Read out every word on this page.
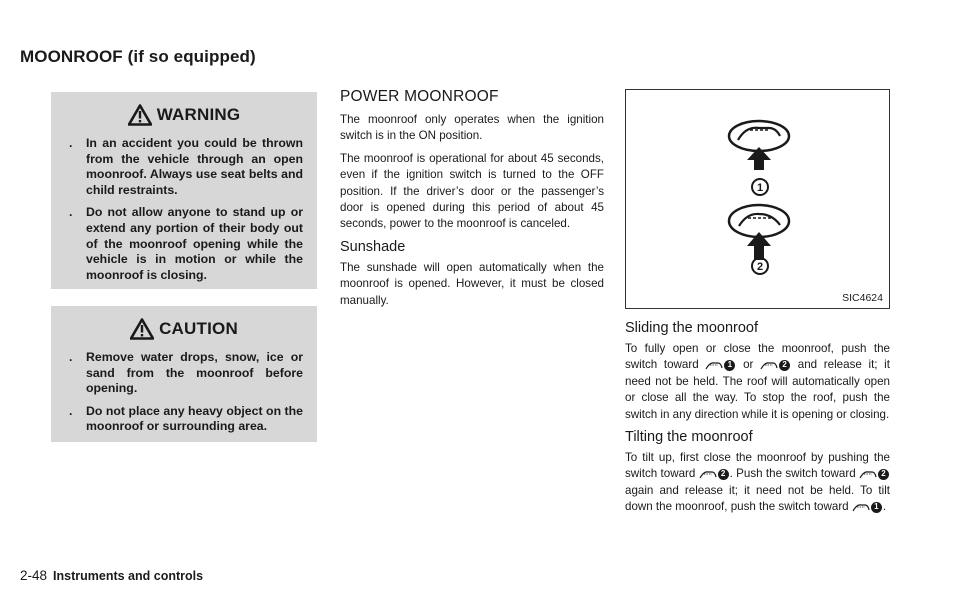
MOONROOF (if so equipped)
WARNING
. In an accident you could be thrown from the vehicle through an open moonroof. Always use seat belts and child restraints.
. Do not allow anyone to stand up or extend any portion of their body out of the moonroof opening while the vehicle is in motion or while the moonroof is closing.
CAUTION
. Remove water drops, snow, ice or sand from the moonroof before opening.
. Do not place any heavy object on the moonroof or surrounding area.
POWER MOONROOF

The moonroof only operates when the ignition switch is in the ON position.

The moonroof is operational for about 45 seconds, even if the ignition switch is turned to the OFF position. If the driver’s door or the passenger’s door is opened during this period of about 45 seconds, power to the moonroof is canceled.

Sunshade

The sunshade will open automatically when the moonroof is opened. However, it must be closed manually.

1
2
SIC4624
Sliding the moonroof

To fully open or close the moonroof, push the switch toward	1 or	2 and release it; it need not be held. The roof will automatically open or close all the way. To stop the roof, push the switch in any direction while it is opening or closing.

Tilting the moonroof

To tilt up, first close the moonroof by pushing the switch toward	2 . Push the switch toward	2 again and release it; it need not be held. To tilt down the moonroof, push the switch toward	1 .

2-48 Instruments and controls
